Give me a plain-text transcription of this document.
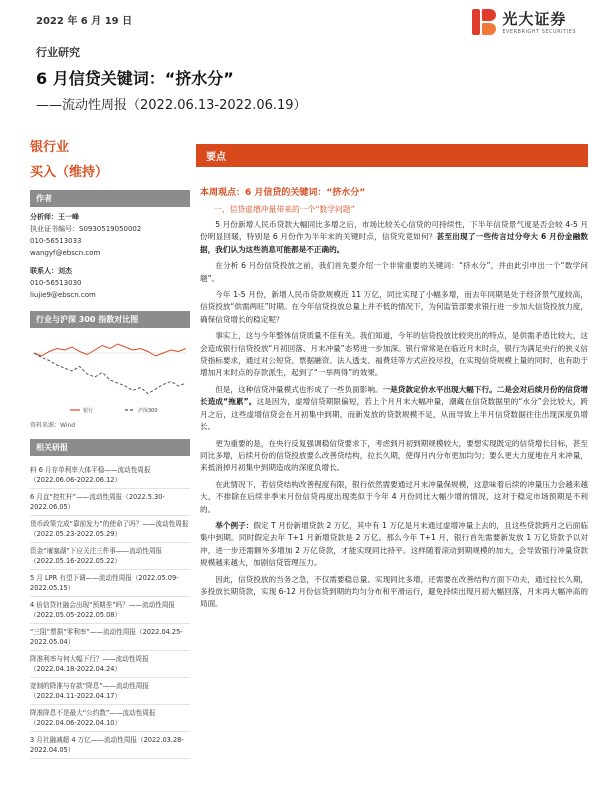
2022 年 6 月 19 日	光大证券
EVERBRIGHT SECURITIES
行业研究
6 月信贷关键词：“挤水分”
——流动性周报（2022.06.13-2022.06.19）
银行业
买入（维持）
作者
分析师：王一峰
执业证书编号：S0930519050002
010-56513033
wangyf@ebscn.com
联系人：刘杰
010-56513030
liujie9@ebscn.com
行业与沪深 300 指数对比图
银行	沪深300
资料来源：Wind
相关研报
料 6 月存单利率大体平稳——流动性周报（2022.06.06-2022.06.12）
6 月直“控杠杆”——流动性周报（2022.5.30-2022.06.05）
货币政策完成“靠前发力”的使命了吗？——流动性周报（2022.05.23-2022.05.29）
资金“堰塞湖”下应关注三件事——流动性周报（2022.05.16-2022.05.22）
5 月 LPR 有望下调——流动性周报（2022.05.09-2022.05.15）
4 倍信贷社融会出现“预期差”吗？——流动性周报（2022.05.05-2022.05.08）
“三阻”票据“零利率”——流动性周报（2022.04.25-2022.05.04）
降准利率与何大幅下行？——流动性周报（2022.04.18-2022.04.24）
宽制的降准与存款“降息”——流动性周报（2022.04.11-2022.04.17）
降准降息不是最大“公约数”——流动性周报（2022.04.06-2022.04.10）
3 月社融减超 4 万亿——流动性周报（2022.03.28-2022.04.05）
要点
本周观点：6 月信贷的关键词：“挤水分”
一、信贷虚增冲量带来的一个“数学问题”

5 月份新增人民币贷款大幅同比多增之后，市场比较关心信贷的可持续性，下半年信贷景气度是否会较 4-5 月份明显回暖，特别是 6 月份作为半年末的关键时点，信贷究竟如何？甚至出现了一些传言过分夸大 6 月份金融数据，我们认为这些消息可能都是不正确的。

在分析 6 月份信贷投放之前，我们首先要介绍一个非常重要的关键词：“挤水分”，并由此引申出一个“数学问题”。

今年 1-5 月份，新增人民币贷款规模近 11 万亿，同比实现了小幅多增，而去年同期是处于经济景气度较高，信贷投放“供需两旺”时期。在今年信贷投放总量上并不低的情况下，为何监管部要求银行进一步加大信贷投放力度，确保信贷增长的稳定呢？

事实上，这与今年整体信贷质量不佳有关。我们知道，今年的信贷投放比较突出的特点，是供需矛盾比较大，这会造成银行信贷投放“月初回落、月末冲量”态势进一步加深。银行常常是在临近月末时点，银行为满足央行的狭义信贷指标要求，通过对公短贷、票据融资、法人透支、福费廷等方式应投尽投，在实现信贷规模上量的同时，也有助于增加月末时点的存款派生，起到了“一举两得”的效果。

但是，这种信贷冲量模式也形成了一些负面影响。一是贷款定价水平出现大幅下行。二是会对后续月份的信贷增长造成“拖累”。这是因为，虚增信贷期限偏短，若上个月月末大幅冲量，潮藏在信贷数据里的“水分”会比较大，跨月之后，这些虚增信贷会在月初集中到期，而新发放的贷款规模不足，从而导致上半月信贷数据往往出现深度负增长。

更为重要的是，在央行反复强调稳信贷要求下，考虑到月初到期规模较大，要想实现既定的信贷增长目标，甚至同比多增，后续月份的信贷投放要么改善贷结构，拉长久期，使得月内分布更加均匀；要么更大力度地在月末冲量，来抵消掉月初集中到期造成的深度负增长。

在此情况下，若信贷结构改善程度有限，银行依然需要通过月末冲量保规模，这意味着后续的冲量压力会越来越大，不排除在后续非季末月份信贷再度出现类似于今年 4 月份同比大幅少增的情况，这对于稳定市场预期是不利的。

举个例子：假定 T 月份新增贷款 2 万亿，其中有 1 万亿是月末通过虚增冲量上去的，且这些贷款跨月之后面临集中到期。同时假定去年 T+1 月新增贷款是 2 万亿。那么今年 T+1 月，银行首先需要新发放 1 万亿贷款予以对冲，进一步还需额外多增加 2 万亿贷款，才能实现同比持平。这样随着滚动到期规模的加大，会导致银行冲量贷款规模越来越大，加剧信贷管理压力。

因此，信贷投放的当务之急，不仅需要稳总量、实现同比多增，还需要在改善结构方面下功夫，通过拉长久期，多投放长期贷款，实现 6-12 月份信贷到期的均匀分布和平滑运行，避免持续出现月初大幅回落，月末再大幅冲高的局面。
